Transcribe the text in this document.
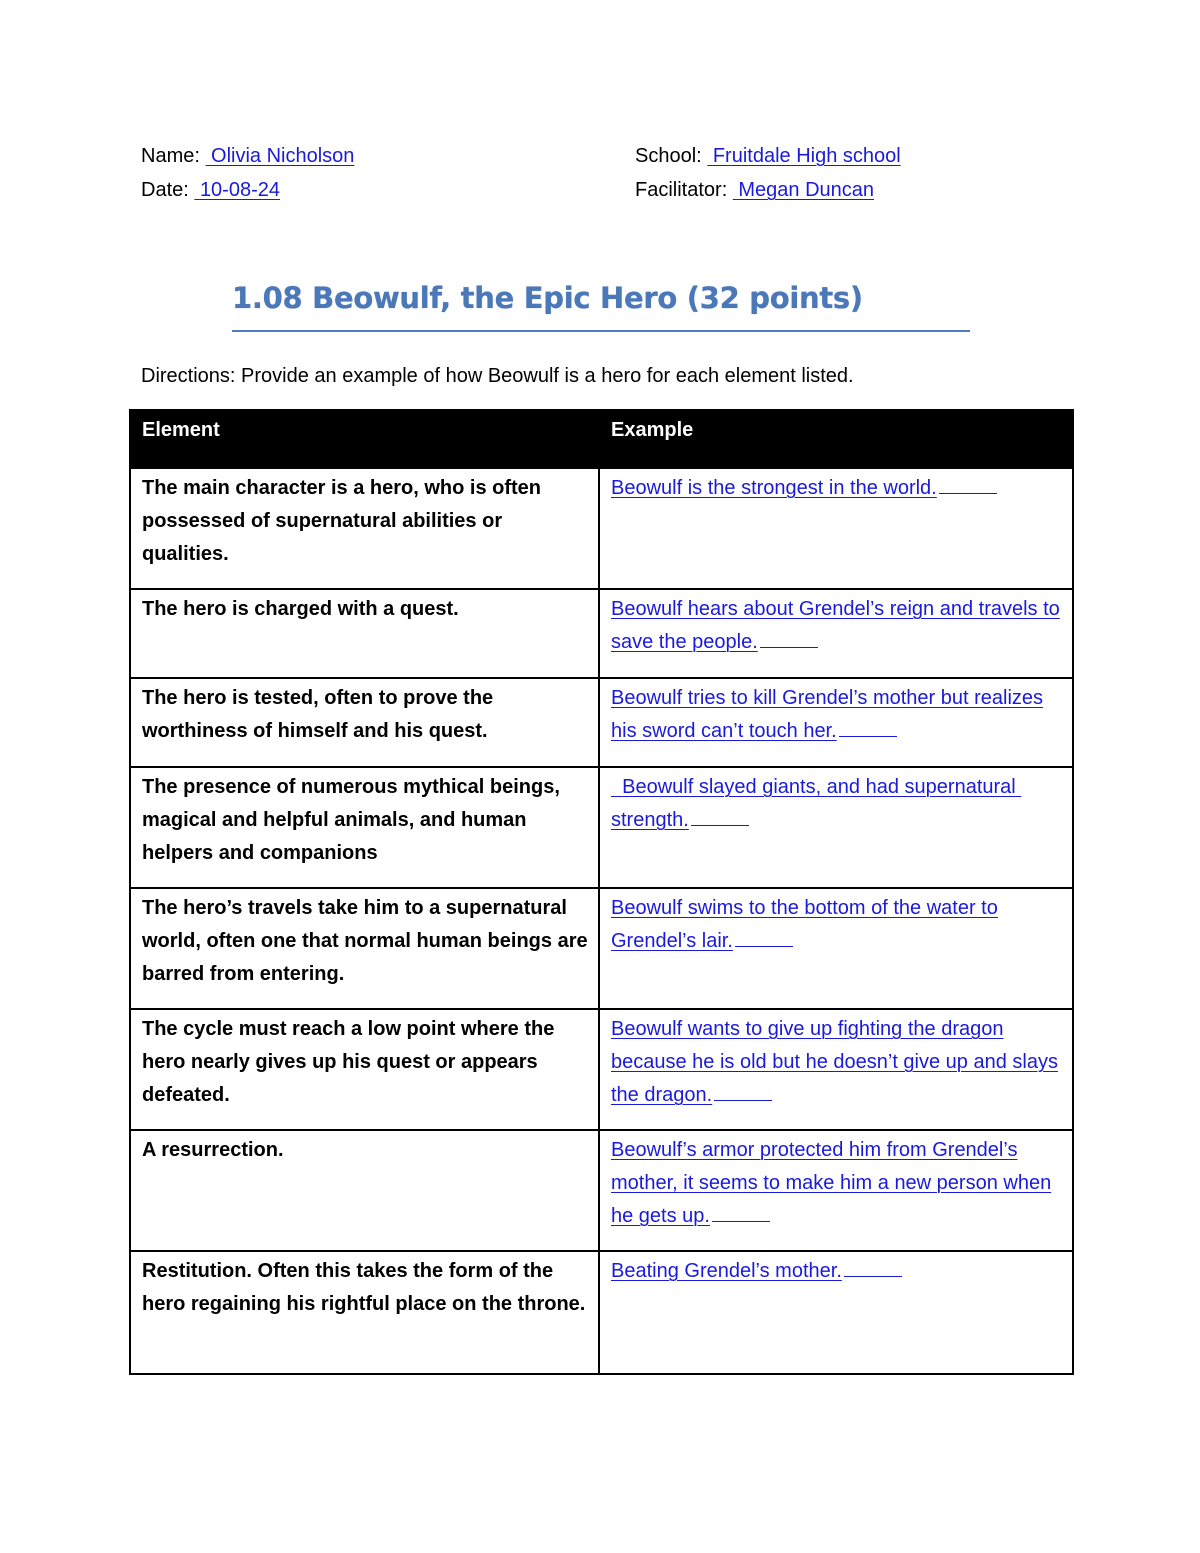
Name: Olivia Nicholson
Date: 10-08-24
School: Fruitdale High school
Facilitator: Megan Duncan
1.08 Beowulf, the Epic Hero (32 points)
Directions: Provide an example of how Beowulf is a hero for each element listed.
Element	Example
The main character is a hero, who is often possessed of supernatural abilities or qualities.	Beowulf is the strongest in the world.
The hero is charged with a quest.	Beowulf hears about Grendel’s reign and travels to save the people.
The hero is tested, often to prove the worthiness of himself and his quest.	Beowulf tries to kill Grendel’s mother but realizes his sword can’t touch her.
The presence of numerous mythical beings, magical and helpful animals, and human helpers and companions	Beowulf slayed giants, and had supernatural strength.
The hero’s travels take him to a supernatural world, often one that normal human beings are barred from entering.	Beowulf swims to the bottom of the water to Grendel’s lair.
The cycle must reach a low point where the hero nearly gives up his quest or appears defeated.	Beowulf wants to give up fighting the dragon because he is old but he doesn’t give up and slays the dragon.
A resurrection.	Beowulf’s armor protected him from Grendel’s mother, it seems to make him a new person when he gets up.
Restitution. Often this takes the form of the hero regaining his rightful place on the throne.	Beating Grendel’s mother.
